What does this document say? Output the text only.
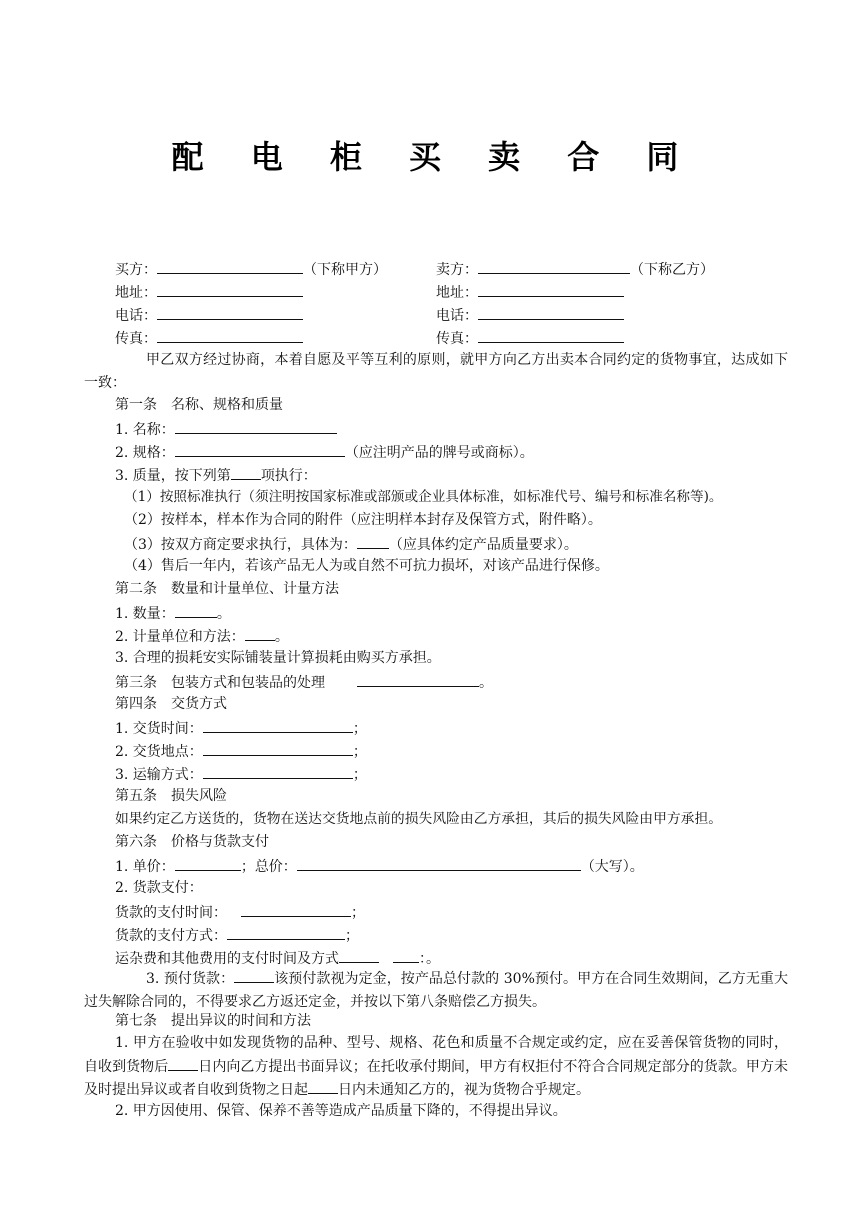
配 电 柜 买 卖 合 同
买方：	（下称甲方）	卖方：	（下称乙方）
地址：	地址：
电话：	电话：
传真：	传真：
甲乙双方经过协商，本着自愿及平等互利的原则，就甲方向乙方出卖本合同约定的货物事宜，达成如下一致：
第一条　名称、规格和质量
1. 名称：
2. 规格：	（应注明产品的牌号或商标）。
3. 质量，按下列第 项执行：
（1）按照标准执行（须注明按国家标准或部颁或企业具体标准，如标准代号、编号和标准名称等)。
（2）按样本，样本作为合同的附件（应注明样本封存及保管方式，附件略）。
（3）按双方商定要求执行，具体为： （应具体约定产品质量要求）。
（4）售后一年内，若该产品无人为或自然不可抗力损坏，对该产品进行保修。
第二条　数量和计量单位、计量方法
1. 数量：	。
2. 计量单位和方法： 。
3. 合理的损耗安实际铺装量计算损耗由购买方承担。
第三条　包装方式和包装品的处理	。
第四条　交货方式
1. 交货时间：	；
2. 交货地点：	；
3. 运输方式：	；
第五条　损失风险
如果约定乙方送货的，货物在送达交货地点前的损失风险由乙方承担，其后的损失风险由甲方承担。
第六条　价格与货款支付
1. 单价：	；总价：	（大写）。
2. 货款支付：
货款的支付时间：	；
货款的支付方式：	；
运杂费和其他费用的支付时间及方式	：。
3. 预付货款：	该预付款视为定金，按产品总付款的 30%预付。甲方在合同生效期间，乙方无重大过失解除合同的，不得要求乙方返还定金，并按以下第八条赔偿乙方损失。
第七条　提出异议的时间和方法
1. 甲方在验收中如发现货物的品种、型号、规格、花色和质量不合规定或约定，应在妥善保管货物的同时，自收到货物后 日内向乙方提出书面异议；在托收承付期间，甲方有权拒付不符合合同规定部分的货款。甲方未及时提出异议或者自收到货物之日起 日内未通知乙方的，视为货物合乎规定。
2. 甲方因使用、保管、保养不善等造成产品质量下降的，不得提出异议。
